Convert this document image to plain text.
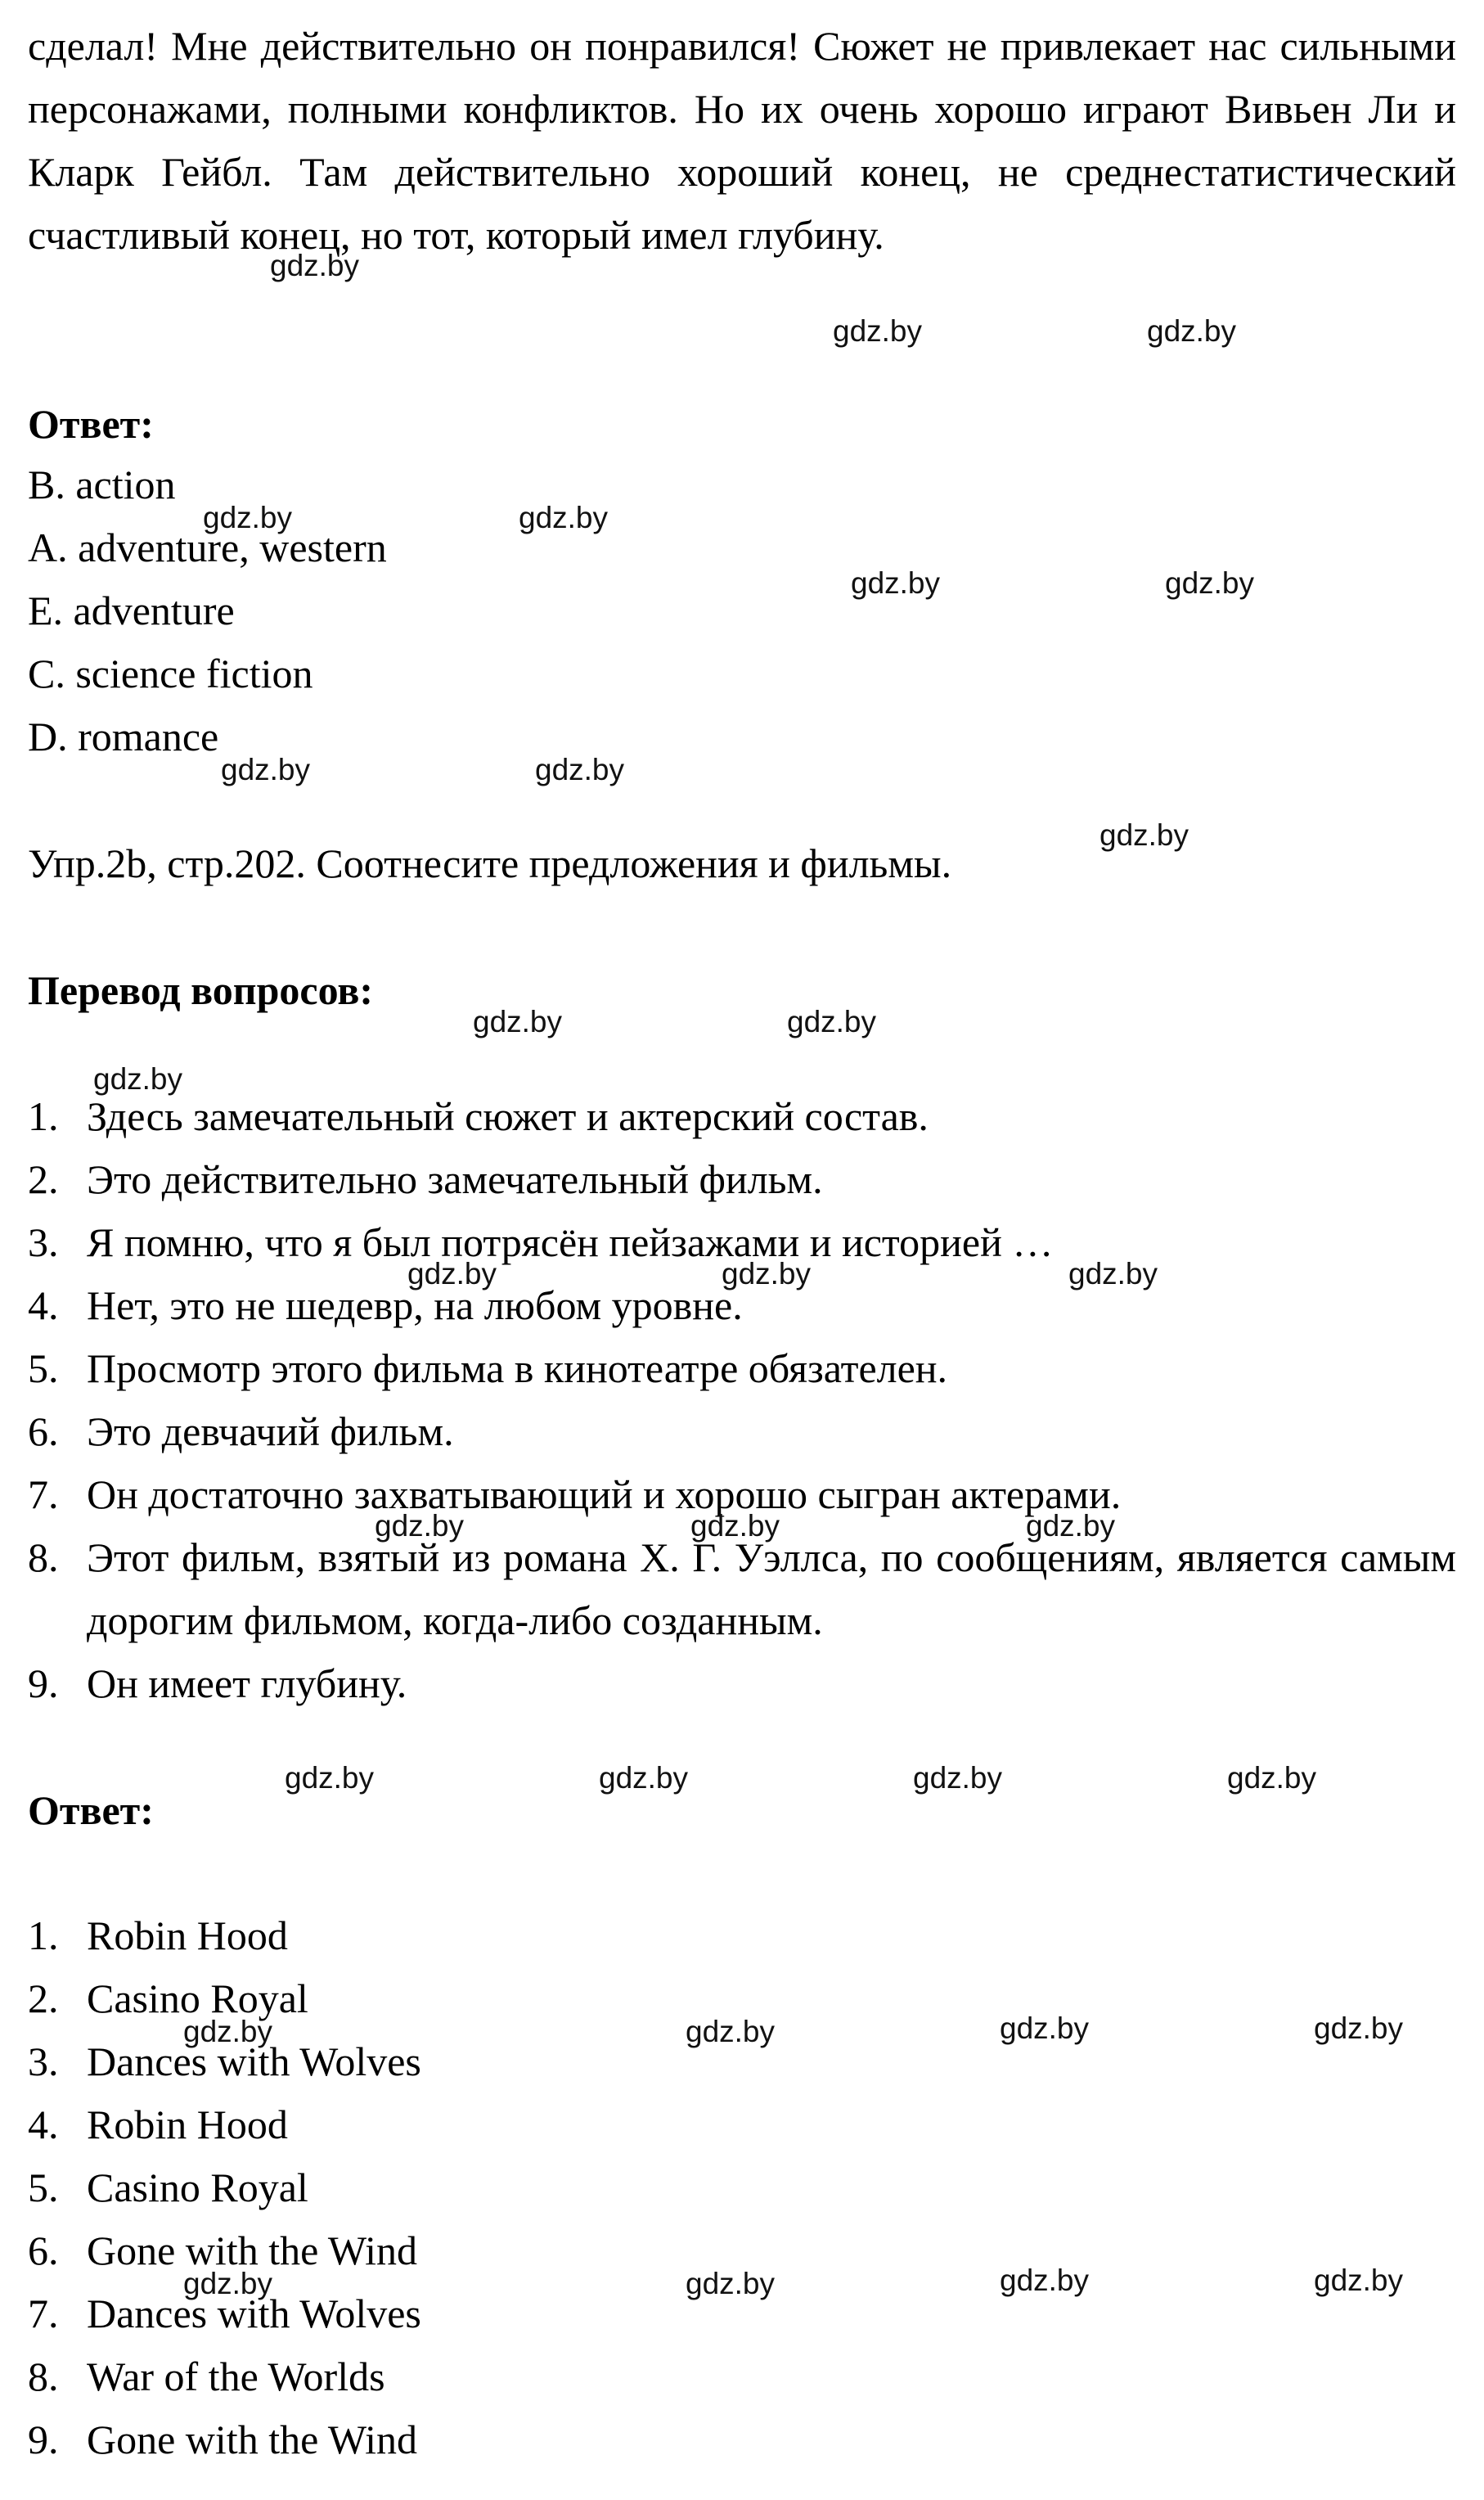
сделал! Мне действительно он понравился! Сюжет не привлекает нас сильными персонажами, полными конфликтов. Но их очень хорошо играют Вивьен Ли и Кларк Гейбл. Там действительно хороший конец, не среднестатистический счастливый конец, но тот, который имел глубину.
Ответ:
B. action
A. adventure, western
E. adventure
C. science fiction
D. romance
Упр.2b, стр.202. Соотнесите предложения и фильмы.
Перевод вопросов:
1. Здесь замечательный сюжет и актерский состав.
2. Это действительно замечательный фильм.
3. Я помню, что я был потрясён пейзажами и историей …
4. Нет, это не шедевр, на любом уровне.
5. Просмотр этого фильма в кинотеатре обязателен.
6. Это девчачий фильм.
7. Он достаточно захватывающий и хорошо сыгран актерами.
8. Этот фильм, взятый из романа Х. Г. Уэллса, по сообщениям, является самым дорогим фильмом, когда-либо созданным.
9. Он имеет глубину.
Ответ:
1. Robin Hood
2. Casino Royal
3. Dances with Wolves
4. Robin Hood
5. Casino Royal
6. Gone with the Wind
7. Dances with Wolves
8. War of the Worlds
9. Gone with the Wind
gdz.by
gdz.by	gdz.by
gdz.by	gdz.by
gdz.by	gdz.by
gdz.by	gdz.by
gdz.by
gdz.by	gdz.by
gdz.by
gdz.by	gdz.by	gdz.by
gdz.by	gdz.by	gdz.by
gdz.by	gdz.by	gdz.by	gdz.by
gdz.by	gdz.by	gdz.by	gdz.by
gdz.by	gdz.by	gdz.by	gdz.by
